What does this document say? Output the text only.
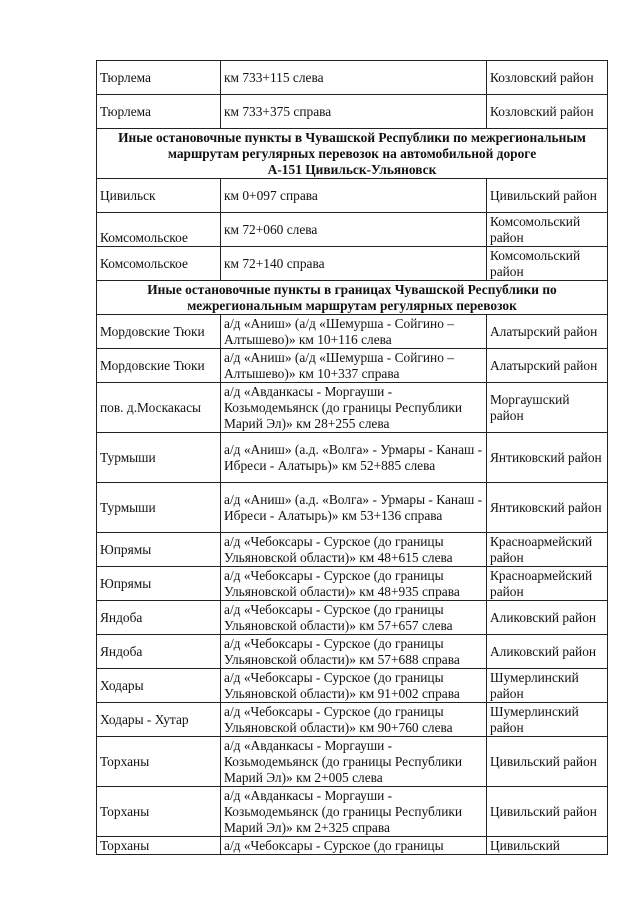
Тюрлема	км 733+115 слева	Козловский район
Тюрлема	км 733+375 справа	Козловский район

Иные остановочные пункты в Чувашской Республики по межрегиональным
маршрутам регулярных перевозок на автомобильной дороге
А-151 Цивильск-Ульяновск		

Цивильск	км 0+097 справа	Цивильский район
Комсомольское	км 72+060 слева	Комсомольский район
Комсомольское	км 72+140 справа	Комсомольский район

Иные остановочные пункты в границах Чувашской Республики по
межрегиональным маршрутам регулярных перевозок		

Мордовские Тюки	а/д «Аниш» (а/д «Шемурша - Сойгино – Алтышево)» км 10+116 слева	Алатырский район
Мордовские Тюки	а/д «Аниш» (а/д «Шемурша - Сойгино – Алтышево)» км 10+337 справа	Алатырский район
пов. д.Москакасы	а/д «Авданкасы - Моргауши - Козьмодемьянск (до границы Республики Марий Эл)» км 28+255 слева	Моргаушский район
Турмыши	а/д «Аниш» (а.д. «Волга» - Урмары - Канаш - Ибреси - Алатырь)» км 52+885 слева	Янтиковский район
Турмыши	а/д «Аниш» (а.д. «Волга» - Урмары - Канаш - Ибреси - Алатырь)» км 53+136 справа	Янтиковский район
Юпрямы	а/д «Чебоксары - Сурское (до границы Ульяновской области)» км 48+615 слева	Красноармейский район
Юпрямы	а/д «Чебоксары - Сурское (до границы Ульяновской области)» км 48+935 справа	Красноармейский район
Яндоба	а/д «Чебоксары - Сурское (до границы Ульяновской области)» км 57+657 слева	Аликовский район
Яндоба	а/д «Чебоксары - Сурское (до границы Ульяновской области)» км 57+688 справа	Аликовский район
Ходары	а/д «Чебоксары - Сурское (до границы Ульяновской области)» км 91+002 справа	Шумерлинский район
Ходары - Хутар	а/д «Чебоксары - Сурское (до границы Ульяновской области)» км 90+760 слева	Шумерлинский район
Торханы	а/д «Авданкасы - Моргауши - Козьмодемьянск (до границы Республики Марий Эл)» км 2+005 слева	Цивильский район
Торханы	а/д «Авданкасы - Моргауши - Козьмодемьянск (до границы Республики Марий Эл)» км 2+325 справа	Цивильский район
Торханы	а/д «Чебоксары - Сурское (до границы	Цивильский
